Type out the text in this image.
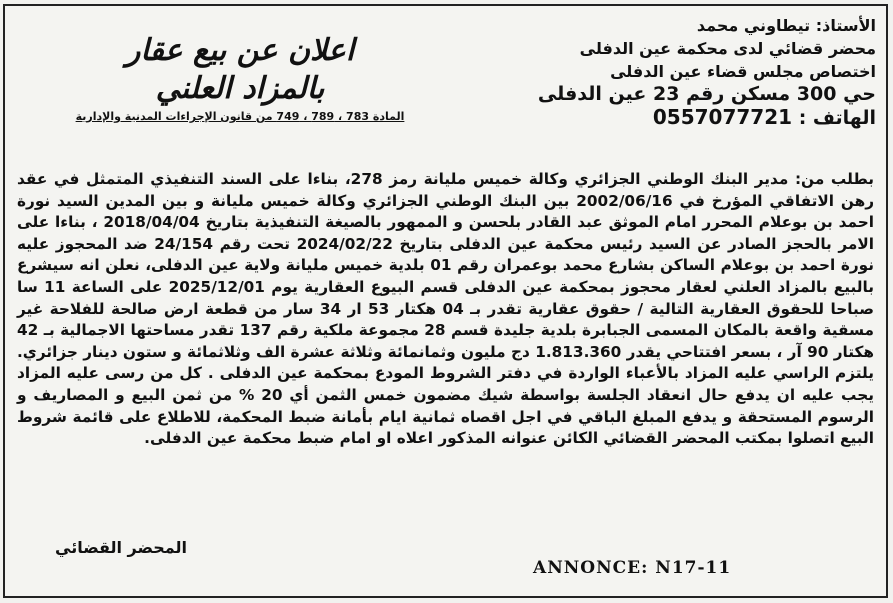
الأستاذ: تيطاوني محمد
محضر قضائي لدى محكمة عين الدفلى
اختصاص مجلس قضاء عين الدفلى
حي 300 مسكن رقم 23 عين الدفلى
الهاتف : 0557077721
اعلان عن بيع عقار
بالمزاد العلني
المادة 783 ، 789 ، 749 من قانون الإجراءات المدنية والإدارية
بطلب من: مدير البنك الوطني الجزائري وكالة خميس مليانة رمز 278، بناءا على السند التنفيذي المتمثل في عقد رهن الاتفاقي المؤرخ في 2002/06/16 بين البنك الوطني الجزائري وكالة خميس مليانة و بين المدين السيد نورة احمد بن بوعلام المحرر امام الموثق عبد القادر بلحسن و الممهور بالصيغة التنفيذية بتاريخ 2018/04/04 ، بناءا على الامر بالحجز الصادر عن السيد رئيس محكمة عين الدفلى بتاريخ 2024/02/22 تحت رقم 24/154 ضد المحجوز عليه نورة احمد بن بوعلام الساكن بشارع محمد بوعمران رقم 01 بلدية خميس مليانة ولاية عين الدفلى، نعلن انه سيشرع بالبيع بالمزاد العلني لعقار محجوز بمحكمة عين الدفلى قسم البيوع العقارية يوم 2025/12/01 على الساعة 11 سا صباحا للحقوق العقارية التالية / حقوق عقارية تقدر بـ 04 هكتار 53 ار 34 سار من قطعة ارض صالحة للفلاحة غير مسقية واقعة بالمكان المسمى الجبابرة بلدية جليدة قسم 28 مجموعة ملكية رقم 137 تقدر مساحتها الاجمالية بـ 42 هكتار 90 آر ، بسعر افتتاحي يقدر 1.813.360 دج مليون وثمانمائة وثلاثة عشرة الف وثلاثمائة و ستون دينار جزائري. يلتزم الراسي عليه المزاد بالأعباء الواردة في دفتر الشروط المودع بمحكمة عين الدفلى . كل من رسى عليه المزاد يجب عليه ان يدفع حال انعقاد الجلسة بواسطة شيك مضمون خمس الثمن أي 20 % من ثمن البيع و المصاريف و الرسوم المستحقة و يدفع المبلغ الباقي في اجل اقصاه ثمانية ايام بأمانة ضبط المحكمة، للاطلاع على قائمة شروط البيع اتصلوا بمكتب المحضر القضائي الكائن عنوانه المذكور اعلاه او امام ضبط محكمة عين الدفلى.
المحضر القضائي
ANNONCE: N17-11
